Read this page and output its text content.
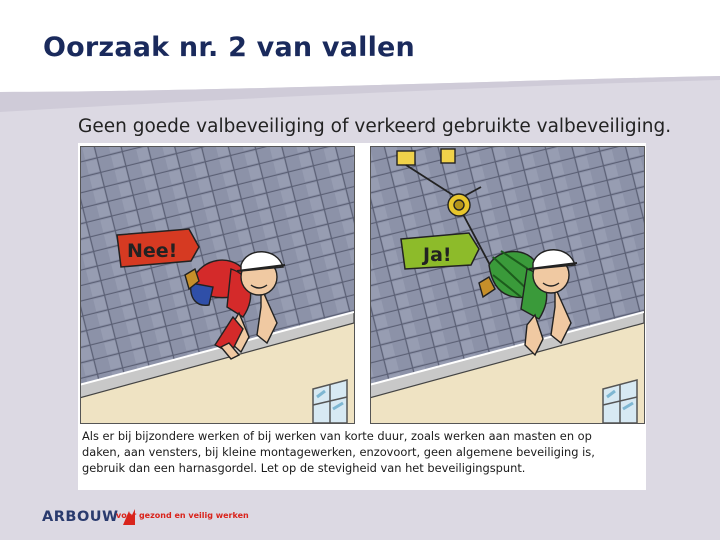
Oorzaak nr. 2 van vallen

Geen goede valbeveiliging of verkeerd gebruikte valbeveiliging.

Nee!	Ja!
Als er bij bijzondere werken of bij werken van korte duur, zoals werken aan masten en op
daken, aan vensters, bij kleine montagewerken, enzovoort, geen algemene beveiliging is,
gebruik dan een harnasgordel. Let op de stevigheid van het beveiligingspunt.
ARBOUW
voor gezond en veilig werken
